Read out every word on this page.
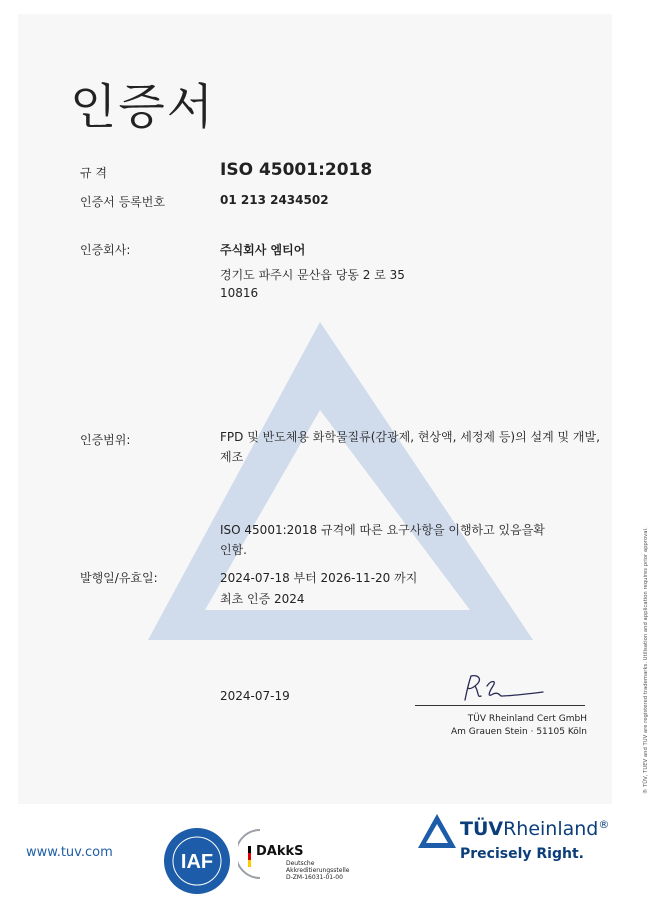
인증서
규 격	ISO 45001:2018
인증서 등록번호	01 213 2434502
인증회사:	주식회사 엠티어
경기도 파주시 문산읍 당동 2 로 35
10816
인증범위:	FPD 및 반도체용 화학물질류(감광제, 현상액, 세정제 등)의 설계 및 개발, 제조
ISO 45001:2018 규격에 따른 요구사항을 이행하고 있음을확인함.
발행일/유효일:	2024-07-18 부터 2026-11-20 까지
최초 인증 2024
2024-07-19
TÜV Rheinland Cert GmbH
Am Grauen Stein · 51105 Köln	® TÜV, TUEV and TUV are registered trademarks. Utilisation and application requires prior approval.
www.tuv.com	IAF	DAkkS
Deutsche
Akkreditierungsstelle
D-ZM-16031-01-00
TÜVRheinland®
Precisely Right.
